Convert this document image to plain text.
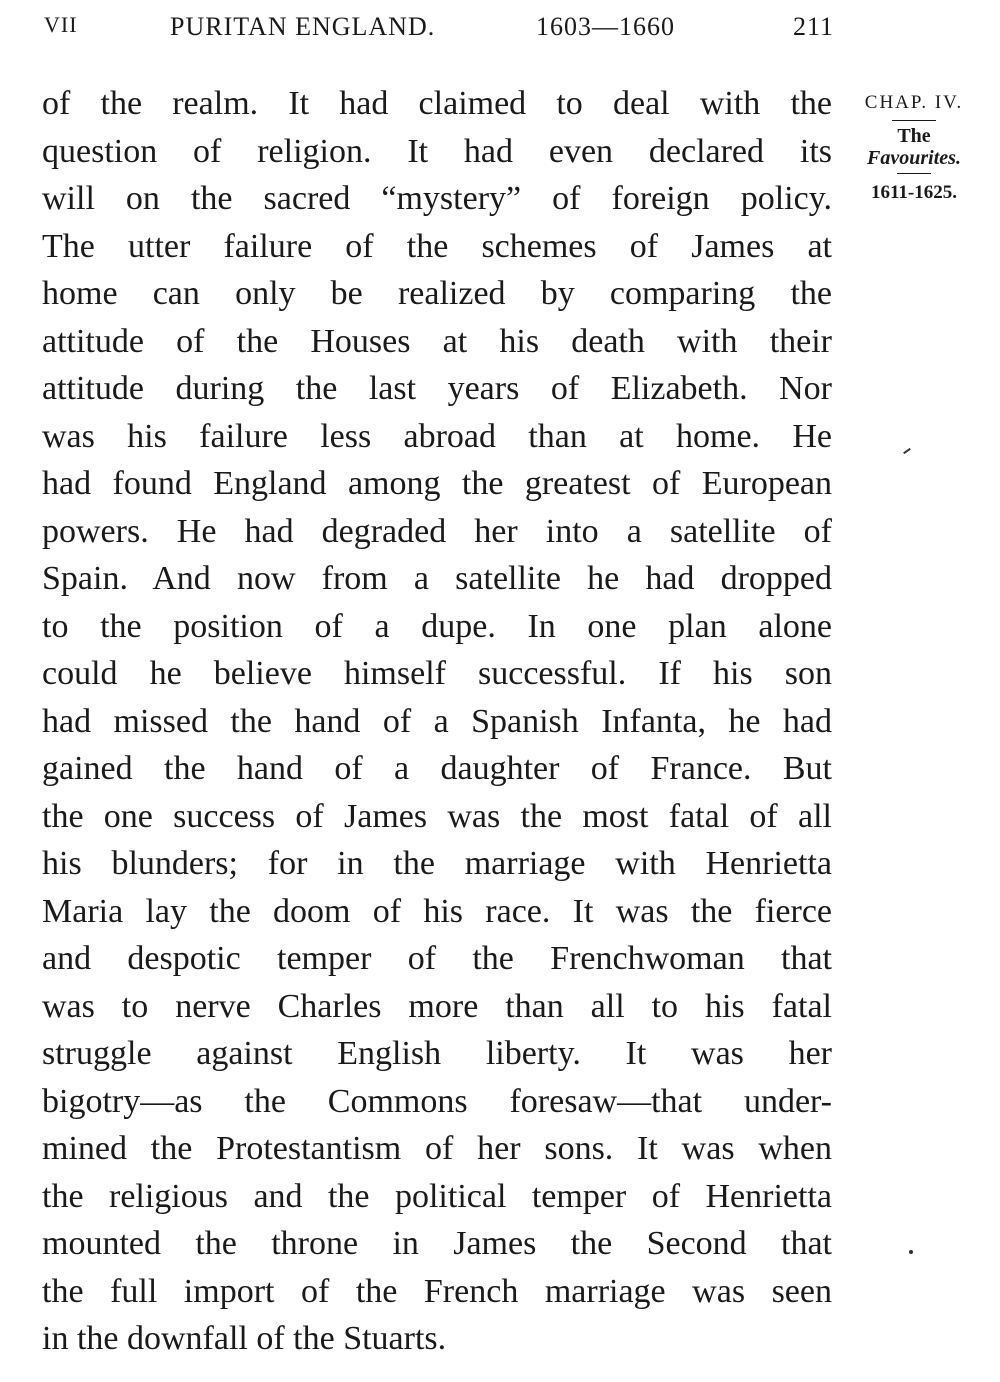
VII	PURITAN ENGLAND.	1603—1660	211
of the realm. It had claimed to deal with the
question of religion. It had even declared its
will on the sacred “mystery” of foreign policy.
The utter failure of the schemes of James at
home can only be realized by comparing the
attitude of the Houses at his death with their
attitude during the last years of Elizabeth. Nor
was his failure less abroad than at home. He
had found England among the greatest of European
powers. He had degraded her into a satellite of
Spain. And now from a satellite he had dropped
to the position of a dupe. In one plan alone
could he believe himself successful. If his son
had missed the hand of a Spanish Infanta, he had
gained the hand of a daughter of France. But
the one success of James was the most fatal of all
his blunders; for in the marriage with Henrietta
Maria lay the doom of his race. It was the fierce
and despotic temper of the Frenchwoman that
was to nerve Charles more than all to his fatal
struggle against English liberty. It was her
bigotry—as the Commons foresaw—that under-
mined the Protestantism of her sons. It was when
the religious and the political temper of Henrietta
mounted the throne in James the Second that
the full import of the French marriage was seen
in the downfall of the Stuarts.
CHAP. IV.
The
Favourites.
1611-1625.
